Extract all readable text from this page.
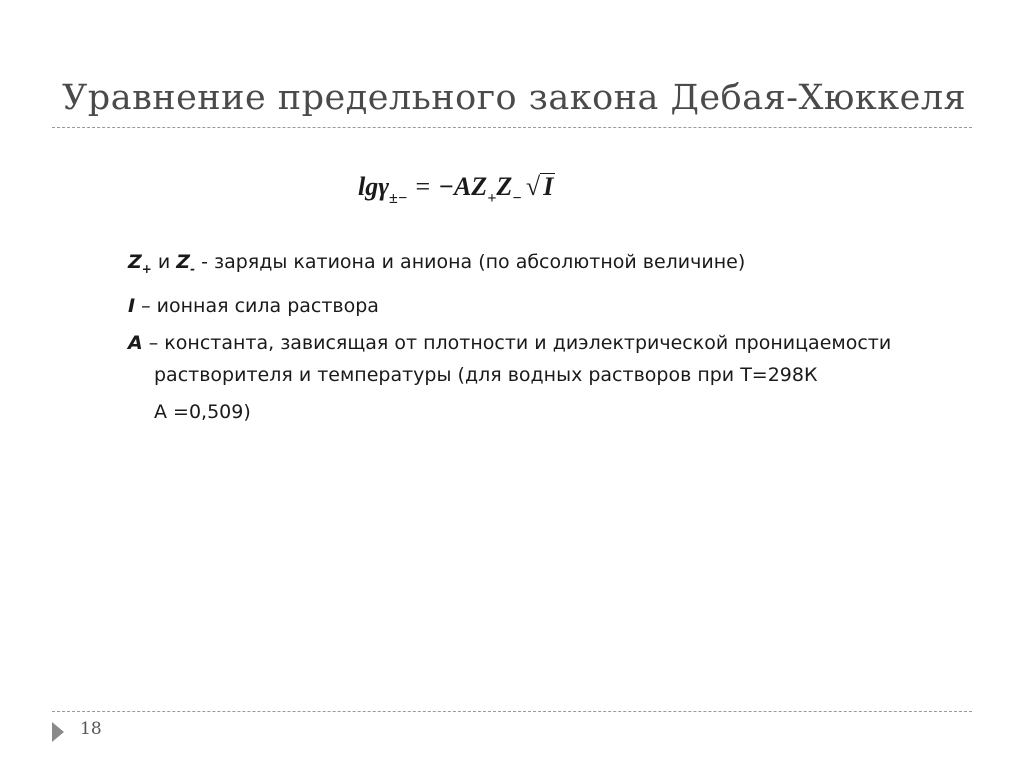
Уравнение предельного закона Дебая-Хюккеля
$\lg\gamma_{\pm-} = -AZ_+Z_-$ √ I

$Z_+$ и $Z_-$ - заряды катиона и аниона (по абсолютной величине)

I – ионная сила раствора

A – константа, зависящая от плотности и диэлектрической проницаемости
растворителя и температуры (для водных растворов при Т=298К

А =0,509)

18
